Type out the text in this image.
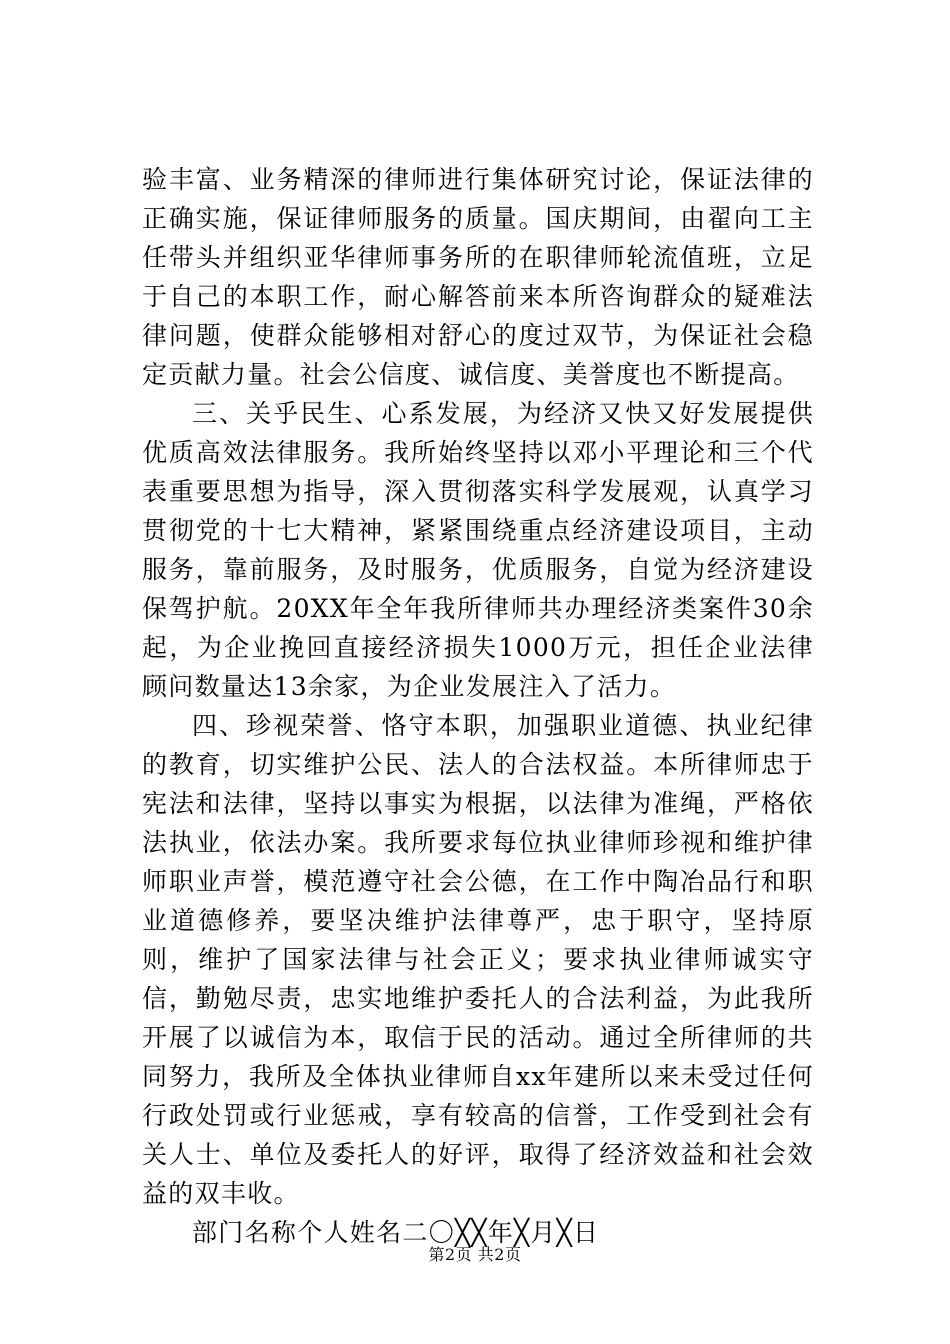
验丰富、业务精深的律师进行集体研究讨论，保证法律的正确实施，保证律师服务的质量。国庆期间，由翟向工主任带头并组织亚华律师事务所的在职律师轮流值班，立足于自己的本职工作，耐心解答前来本所咨询群众的疑难法律问题，使群众能够相对舒心的度过双节，为保证社会稳定贡献力量。社会公信度、诚信度、美誉度也不断提高。

三、关乎民生、心系发展，为经济又快又好发展提供优质高效法律服务。我所始终坚持以邓小平理论和三个代表重要思想为指导，深入贯彻落实科学发展观，认真学习贯彻党的十七大精神，紧紧围绕重点经济建设项目，主动服务，靠前服务，及时服务，优质服务，自觉为经济建设保驾护航。20XX年全年我所律师共办理经济类案件30余起，为企业挽回直接经济损失1000万元，担任企业法律顾问数量达13余家，为企业发展注入了活力。

四、珍视荣誉、恪守本职，加强职业道德、执业纪律的教育，切实维护公民、法人的合法权益。本所律师忠于宪法和法律，坚持以事实为根据，以法律为准绳，严格依法执业，依法办案。我所要求每位执业律师珍视和维护律师职业声誉，模范遵守社会公德，在工作中陶冶品行和职业道德修养，要坚决维护法律尊严，忠于职守，坚持原则，维护了国家法律与社会正义；要求执业律师诚实守信，勤勉尽责，忠实地维护委托人的合法利益，为此我所开展了以诚信为本，取信于民的活动。通过全所律师的共同努力，我所及全体执业律师自xx年建所以来未受过任何行政处罚或行业惩戒，享有较高的信誉，工作受到社会有关人士、单位及委托人的好评，取得了经济效益和社会效益的双丰收。

部门名称个人姓名二〇╳╳年╳月╳日

第2页 共2页
